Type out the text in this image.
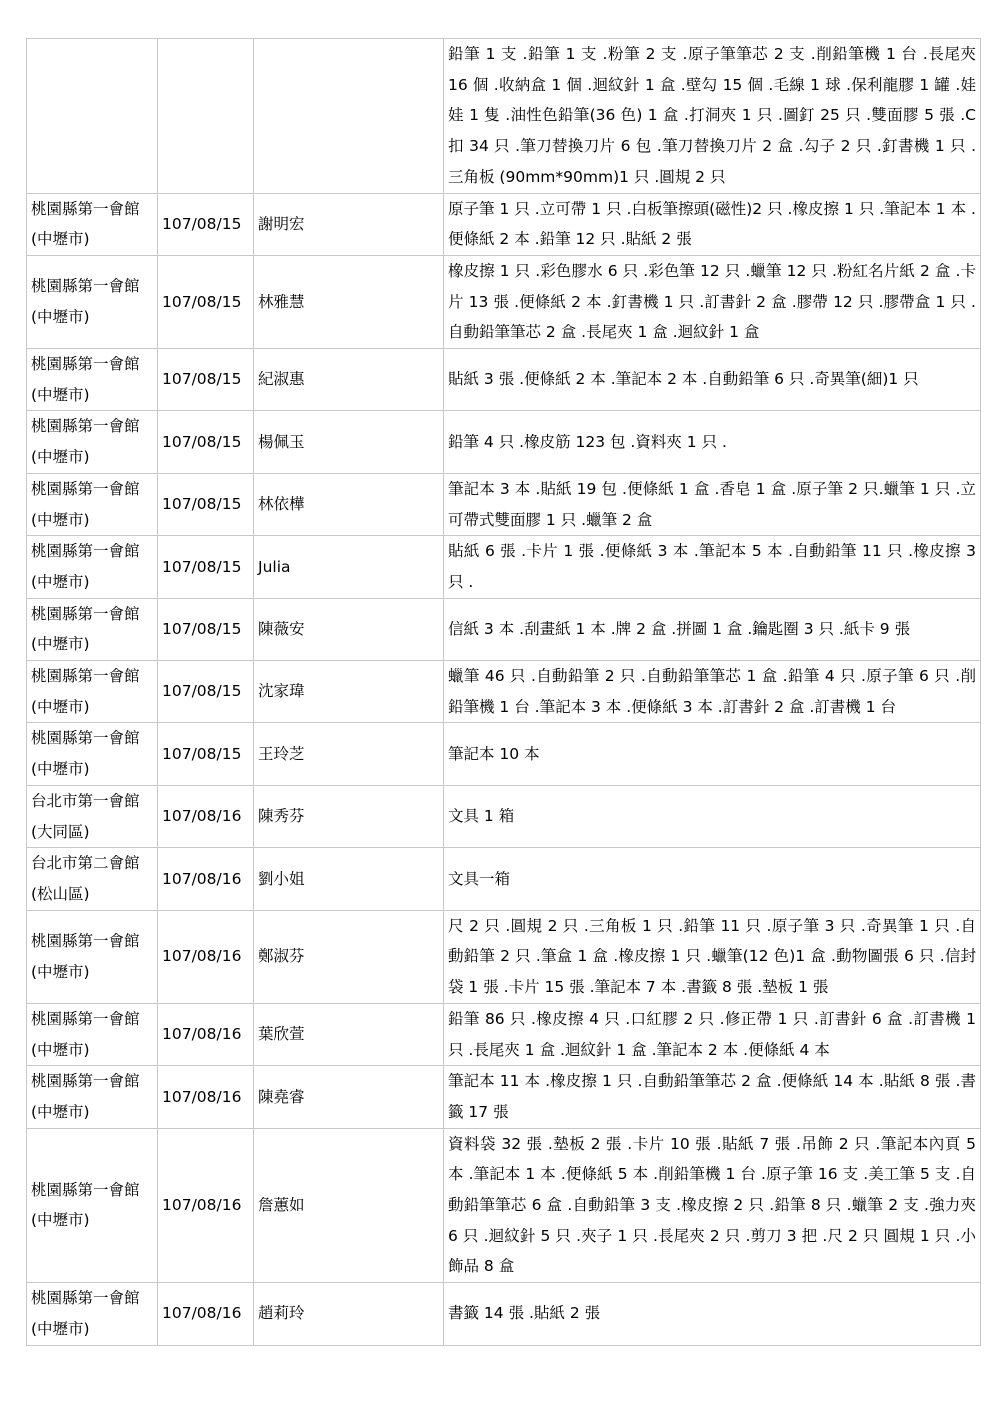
			鉛筆 1 支 .鉛筆 1 支 .粉筆 2 支 .原子筆筆芯 2 支 .削鉛筆機 1 台 .長尾夾 16 個 .收納盒 1 個 .迴紋針 1 盒 .壁勾 15 個 .毛線 1 球 .保利龍膠 1 罐 .娃娃 1 隻 .油性色鉛筆(36 色) 1 盒 .打洞夾 1 只 .圖釘 25 只 .雙面膠 5 張 .C 扣 34 只 .筆刀替換刀片 6 包 .筆刀替換刀片 2 盒 .勾子 2 只 .釘書機 1 只 .三角板 (90mm*90mm)1 只 .圓規 2 只
桃園縣第一會館 (中壢市)	107/08/15	謝明宏	原子筆 1 只 .立可帶 1 只 .白板筆擦頭(磁性)2 只 .橡皮擦 1 只 .筆記本 1 本 .便條紙 2 本 .鉛筆 12 只 .貼紙 2 張
桃園縣第一會館 (中壢市)	107/08/15	林雅慧	橡皮擦 1 只 .彩色膠水 6 只 .彩色筆 12 只 .蠟筆 12 只 .粉紅名片紙 2 盒 .卡片 13 張 .便條紙 2 本 .釘書機 1 只 .訂書針 2 盒 .膠帶 12 只 .膠帶盒 1 只 .自動鉛筆筆芯 2 盒 .長尾夾 1 盒 .迴紋針 1 盒
桃園縣第一會館 (中壢市)	107/08/15	紀淑惠	貼紙 3 張 .便條紙 2 本 .筆記本 2 本 .自動鉛筆 6 只 .奇異筆(細)1 只
桃園縣第一會館 (中壢市)	107/08/15	楊佩玉	鉛筆 4 只 .橡皮筋 123 包 .資料夾 1 只 .
桃園縣第一會館 (中壢市)	107/08/15	林依樺	筆記本 3 本 .貼紙 19 包 .便條紙 1 盒 .香皂 1 盒 .原子筆 2 只.蠟筆 1 只 .立可帶式雙面膠 1 只 .蠟筆 2 盒
桃園縣第一會館 (中壢市)	107/08/15	Julia	貼紙 6 張 .卡片 1 張 .便條紙 3 本 .筆記本 5 本 .自動鉛筆 11 只 .橡皮擦 3 只 .
桃園縣第一會館 (中壢市)	107/08/15	陳薇安	信紙 3 本 .刮畫紙 1 本 .牌 2 盒 .拼圖 1 盒 .鑰匙圈 3 只 .紙卡 9 張
桃園縣第一會館 (中壢市)	107/08/15	沈家瑋	蠟筆 46 只 .自動鉛筆 2 只 .自動鉛筆筆芯 1 盒 .鉛筆 4 只 .原子筆 6 只 .削鉛筆機 1 台 .筆記本 3 本 .便條紙 3 本 .訂書針 2 盒 .訂書機 1 台
桃園縣第一會館 (中壢市)	107/08/15	王玲芝	筆記本 10 本
台北市第一會館 (大同區)	107/08/16	陳秀芬	文具 1 箱
台北市第二會館 (松山區)	107/08/16	劉小姐	文具一箱
桃園縣第一會館 (中壢市)	107/08/16	鄭淑芬	尺 2 只 .圓規 2 只 .三角板 1 只 .鉛筆 11 只 .原子筆 3 只 .奇異筆 1 只 .自動鉛筆 2 只 .筆盒 1 盒 .橡皮擦 1 只 .蠟筆(12 色)1 盒 .動物圖張 6 只 .信封袋 1 張 .卡片 15 張 .筆記本 7 本 .書籤 8 張 .墊板 1 張
桃園縣第一會館 (中壢市)	107/08/16	葉欣萱	鉛筆 86 只 .橡皮擦 4 只 .口紅膠 2 只 .修正帶 1 只 .訂書針 6 盒 .訂書機 1 只 .長尾夾 1 盒 .迴紋針 1 盒 .筆記本 2 本 .便條紙 4 本
桃園縣第一會館 (中壢市)	107/08/16	陳堯睿	筆記本 11 本 .橡皮擦 1 只 .自動鉛筆筆芯 2 盒 .便條紙 14 本 .貼紙 8 張 .書籤 17 張
桃園縣第一會館 (中壢市)	107/08/16	詹蕙如	資料袋 32 張 .墊板 2 張 .卡片 10 張 .貼紙 7 張 .吊飾 2 只 .筆記本內頁 5 本 .筆記本 1 本 .便條紙 5 本 .削鉛筆機 1 台 .原子筆 16 支 .美工筆 5 支 .自動鉛筆筆芯 6 盒 .自動鉛筆 3 支 .橡皮擦 2 只 .鉛筆 8 只 .蠟筆 2 支 .強力夾 6 只 .迴紋針 5 只 .夾子 1 只 .長尾夾 2 只 .剪刀 3 把 .尺 2 只 圓規 1 只 .小飾品 8 盒
桃園縣第一會館 (中壢市)	107/08/16	趙莉玲	書籤 14 張 .貼紙 2 張
